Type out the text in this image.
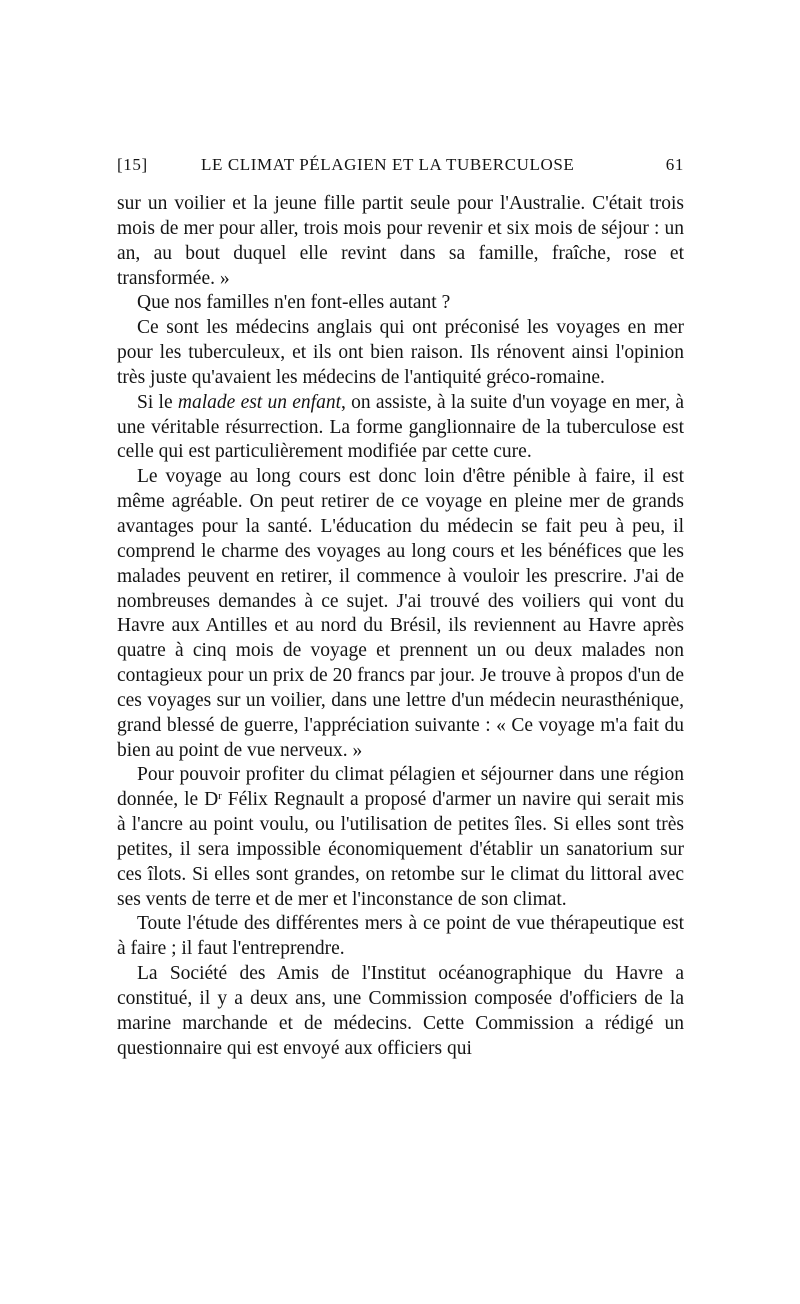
[15]	LE CLIMAT PÉLAGIEN ET LA TUBERCULOSE	61

sur un voilier et la jeune fille partit seule pour l'Australie. C'était trois mois de mer pour aller, trois mois pour revenir et six mois de séjour : un an, au bout duquel elle revint dans sa famille, fraîche, rose et transformée. »

Que nos familles n'en font-elles autant ?

Ce sont les médecins anglais qui ont préconisé les voyages en mer pour les tuberculeux, et ils ont bien raison. Ils rénovent ainsi l'opinion très juste qu'avaient les médecins de l'antiquité gréco-romaine.

Si le malade est un enfant, on assiste, à la suite d'un voyage en mer, à une véritable résurrection. La forme ganglionnaire de la tuberculose est celle qui est particulièrement modifiée par cette cure.

Le voyage au long cours est donc loin d'être pénible à faire, il est même agréable. On peut retirer de ce voyage en pleine mer de grands avantages pour la santé. L'éducation du médecin se fait peu à peu, il comprend le charme des voyages au long cours et les bénéfices que les malades peuvent en retirer, il commence à vouloir les prescrire. J'ai de nombreuses demandes à ce sujet. J'ai trouvé des voiliers qui vont du Havre aux Antilles et au nord du Brésil, ils reviennent au Havre après quatre à cinq mois de voyage et prennent un ou deux malades non contagieux pour un prix de 20 francs par jour. Je trouve à propos d'un de ces voyages sur un voilier, dans une lettre d'un médecin neurasthénique, grand blessé de guerre, l'appréciation suivante : « Ce voyage m'a fait du bien au point de vue nerveux. »

Pour pouvoir profiter du climat pélagien et séjourner dans une région donnée, le $D^r$ Félix Regnault a proposé d'armer un navire qui serait mis à l'ancre au point voulu, ou l'utilisation de petites îles. Si elles sont très petites, il sera impossible économiquement d'établir un sanatorium sur ces îlots. Si elles sont grandes, on retombe sur le climat du littoral avec ses vents de terre et de mer et l'inconstance de son climat.

Toute l'étude des différentes mers à ce point de vue thérapeutique est à faire ; il faut l'entreprendre.

La Société des Amis de l'Institut océanographique du Havre a constitué, il y a deux ans, une Commission composée d'officiers de la marine marchande et de médecins. Cette Commission a rédigé un questionnaire qui est envoyé aux officiers qui
